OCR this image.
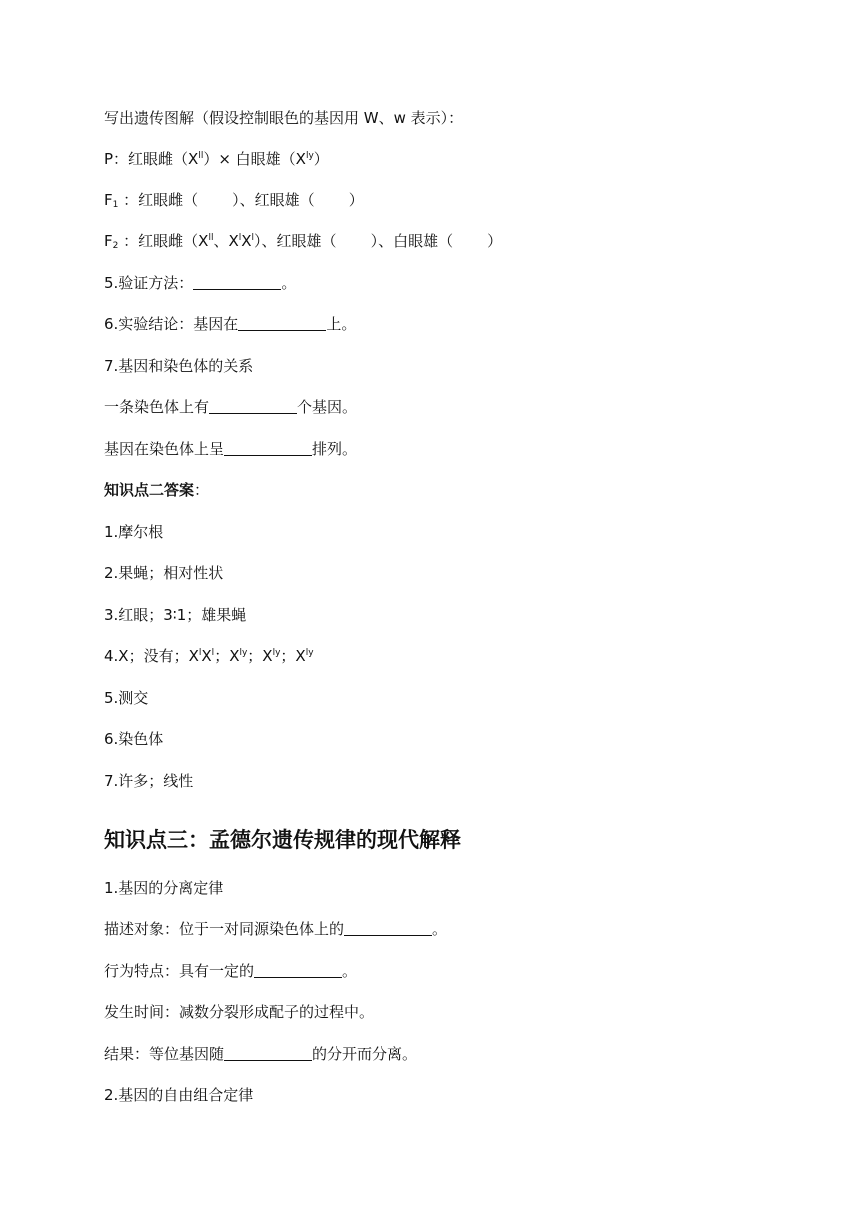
写出遗传图解（假设控制眼色的基因用 W、w 表示）：
P：红眼雌$(X^{ll})\times$ 白眼雄$(X^{ly})$
$F_1$ ：红眼雌（ ）、红眼雄（ ）
$F_2$ ：红眼雌（$X^{ll}$、$X^lX^l$）、红眼雄（ ）、白眼雄（ ）
5.验证方法：	。
6.实验结论：基因在	上。
7.基因和染色体的关系
一条染色体上有	个基因。
基因在染色体上呈	排列。
知识点二答案：
1.摩尔根
2.果蝇；相对性状
3.红眼；3∶1；雄果蝇
4.X；没有；$X^lX^l$；$X^{ly}$；$X^{ly}$；$X^{ly}$
5.测交
6.染色体
7.许多；线性
知识点三：孟德尔遗传规律的现代解释
1.基因的分离定律
描述对象：位于一对同源染色体上的	。
行为特点：具有一定的	。
发生时间：减数分裂形成配子的过程中。
结果：等位基因随	的分开而分离。
2.基因的自由组合定律
